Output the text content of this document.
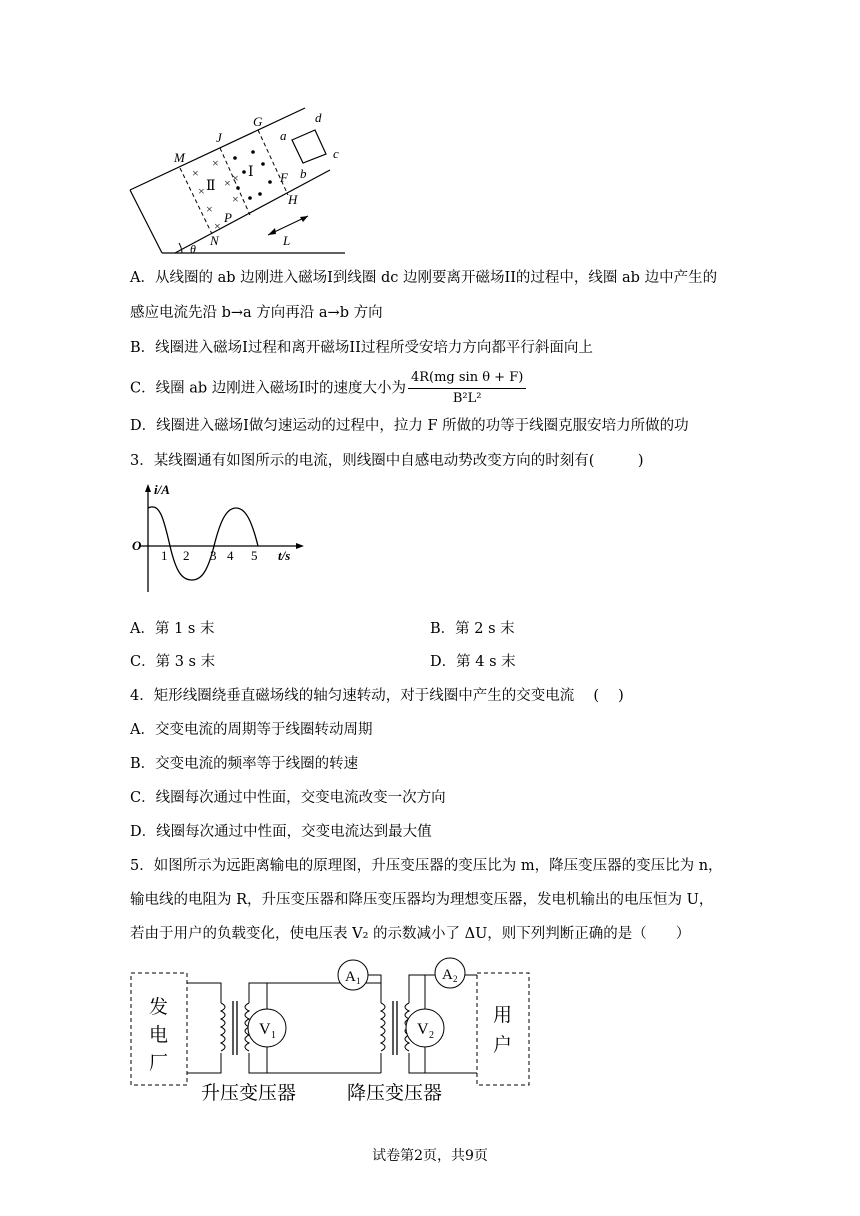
×
×
×
×
×
×
×
×
M
J
G
a
d
c
b
F
P
H
N	L
θ
Ⅱ
Ⅰ
A．从线圈的 ab 边刚进入磁场I到线圈 dc 边刚要离开磁场II的过程中，线圈 ab 边中产生的
感应电流先沿 b→a 方向再沿 a→b 方向
B．线圈进入磁场I过程和离开磁场II过程所受安培力方向都平行斜面向上
C．线圈 ab 边刚进入磁场I时的速度大小为 $\frac{\text{4R(mg sin θ + F)}}{\text{B²L²}}$
D．线圈进入磁场I做匀速运动的过程中，拉力 F 所做的功等于线圈克服安培力所做的功
3．某线圈通有如图所示的电流，则线圈中自感电动势改变方向的时刻有(　　　)
i/A
O
t/s
1 2 3 4 5
A．第 1 s 末	B．第 2 s 末
C．第 3 s 末	D．第 4 s 末
4．矩形线圈绕垂直磁场线的轴匀速转动，对于线圈中产生的交变电流　 (　 )
A．交变电流的周期等于线圈转动周期
B．交变电流的频率等于线圈的转速
C．线圈每次通过中性面，交变电流改变一次方向
D．线圈每次通过中性面，交变电流达到最大值
5．如图所示为远距离输电的原理图，升压变压器的变压比为 m，降压变压器的变压比为 n，
输电线的电阻为 R，升压变压器和降压变压器均为理想变压器，发电机输出的电压恒为 U，
若由于用户的负载变化，使电压表 V₂ 的示数减小了 ΔU，则下列判断正确的是（　　）
V 1
A 1	A 2
V 2
发
电
厂
用
户
升压变压器	降压变压器
试卷第2页，共9页
